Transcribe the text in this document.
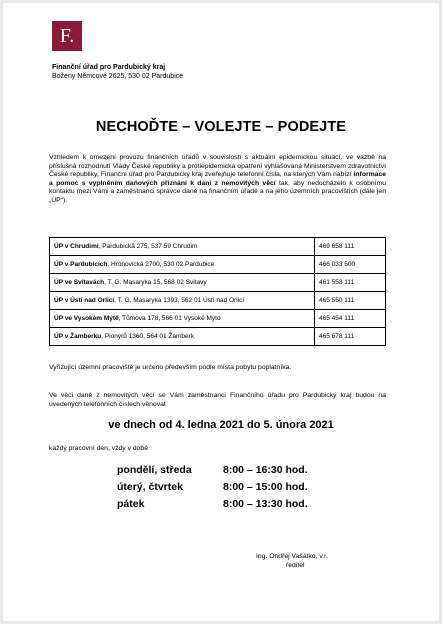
F.
Finanční úřad pro Pardubický kraj
Boženy Němcové 2625, 530 02 Pardubice
NECHOĎTE – VOLEJTE – PODEJTE
Vzhledem k omezení provozu finančních úřadů v souvislosti s aktuální epidemickou situací, ve vazbě na příslušná rozhodnutí Vlády České republiky a protiepidemická opatření vyhlašovaná Ministerstvem zdravotnictví České republiky, Finanční úřad pro Pardubický kraj zveřejňuje telefonní čísla, na kterých Vám nabízí informace a pomoc s vyplněním daňových přiznání k dani z nemovitých věcí tak, aby nedocházelo k osobnímu kontaktu mezi Vámi a zaměstnanci správce daně na finančním úřadě a na jeho územních pracovištích (dále jen „ÚP“).
ÚP v Chrudimi, Pardubická 275, 537 59 Chrudim	469 658 111
ÚP v Pardubicích, Hronovická 2700, 530 02 Pardubice	466 033 500
ÚP ve Svitavách, T. G. Masaryka 15, 568 02 Svitavy	461 553 111
ÚP v Ústí nad Orlicí, T. G. Masaryka 1393, 562 01 Ústí nad Orlicí	465 550 111
ÚP ve Vysokém Mýtě, Tůmova 178, 566 01 Vysoké Mýto	465 454 111
ÚP v Žamberku, Pionýrů 1360, 564 01 Žamberk	465 678 111
Vyřizující územní pracoviště je určeno především podle místa pobytu poplatníka.
Ve věci daně z nemovitých věcí se Vám zaměstnanci Finančního úřadu pro Pardubický kraj budou na uvedených telefonních číslech věnovat
ve dnech od 4. ledna 2021 do 5. února 2021
každý pracovní den, vždy v době
pondělí, středa	8:00 – 16:30 hod.
úterý, čtvrtek	8:00 – 15:00 hod.
pátek	8:00 – 13:30 hod.
Ing. Ondřej Vašátko, v.r.
ředitel
